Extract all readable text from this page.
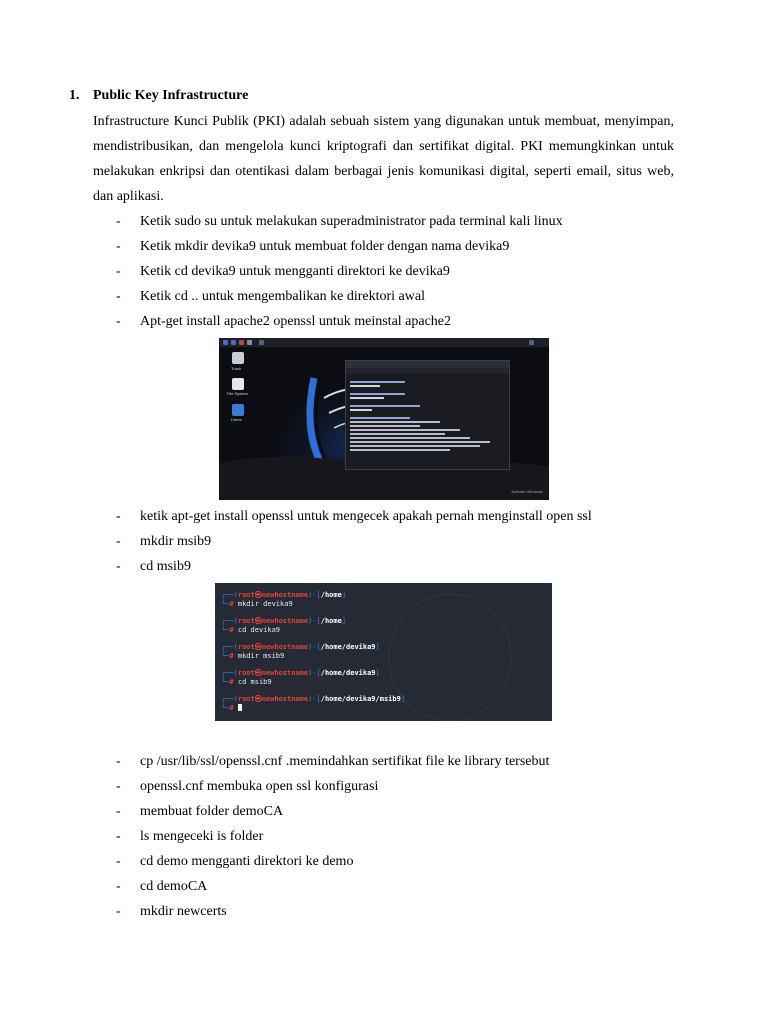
1. Public Key Infrastructure
Infrastructure Kunci Publik (PKI) adalah sebuah sistem yang digunakan untuk membuat, menyimpan, mendistribusikan, dan mengelola kunci kriptografi dan sertifikat digital. PKI memungkinkan untuk melakukan enkripsi dan otentikasi dalam berbagai jenis komunikasi digital, seperti email, situs web, dan aplikasi.
- Ketik sudo su untuk melakukan superadministrator pada terminal kali linux
- Ketik mkdir devika9 untuk membuat folder dengan nama devika9
- Ketik cd devika9 untuk mengganti direktori ke devika9
- Ketik cd .. untuk mengembalikan ke direktori awal
- Apt-get install apache2 openssl untuk meinstal apache2
Trash
File System
Home
Activate Windows
- ketik apt-get install openssl untuk mengecek apakah pernah menginstall open ssl
- mkdir msib9
- cd msib9
┌──(root㉿newhostname)-[/home]
└─# mkdir devika9
┌──(root㉿newhostname)-[/home]
└─# cd devika9
┌──(root㉿newhostname)-[/home/devika9]
└─# mkdir msib9
┌──(root㉿newhostname)-[/home/devika9]
└─# cd msib9
┌──(root㉿newhostname)-[/home/devika9/msib9]
└─#
- cp /usr/lib/ssl/openssl.cnf .memindahkan sertifikat file ke library tersebut
- openssl.cnf membuka open ssl konfigurasi
- membuat folder demoCA
- ls mengeceki is folder
- cd demo mengganti direktori ke demo
- cd demoCA
- mkdir newcerts
